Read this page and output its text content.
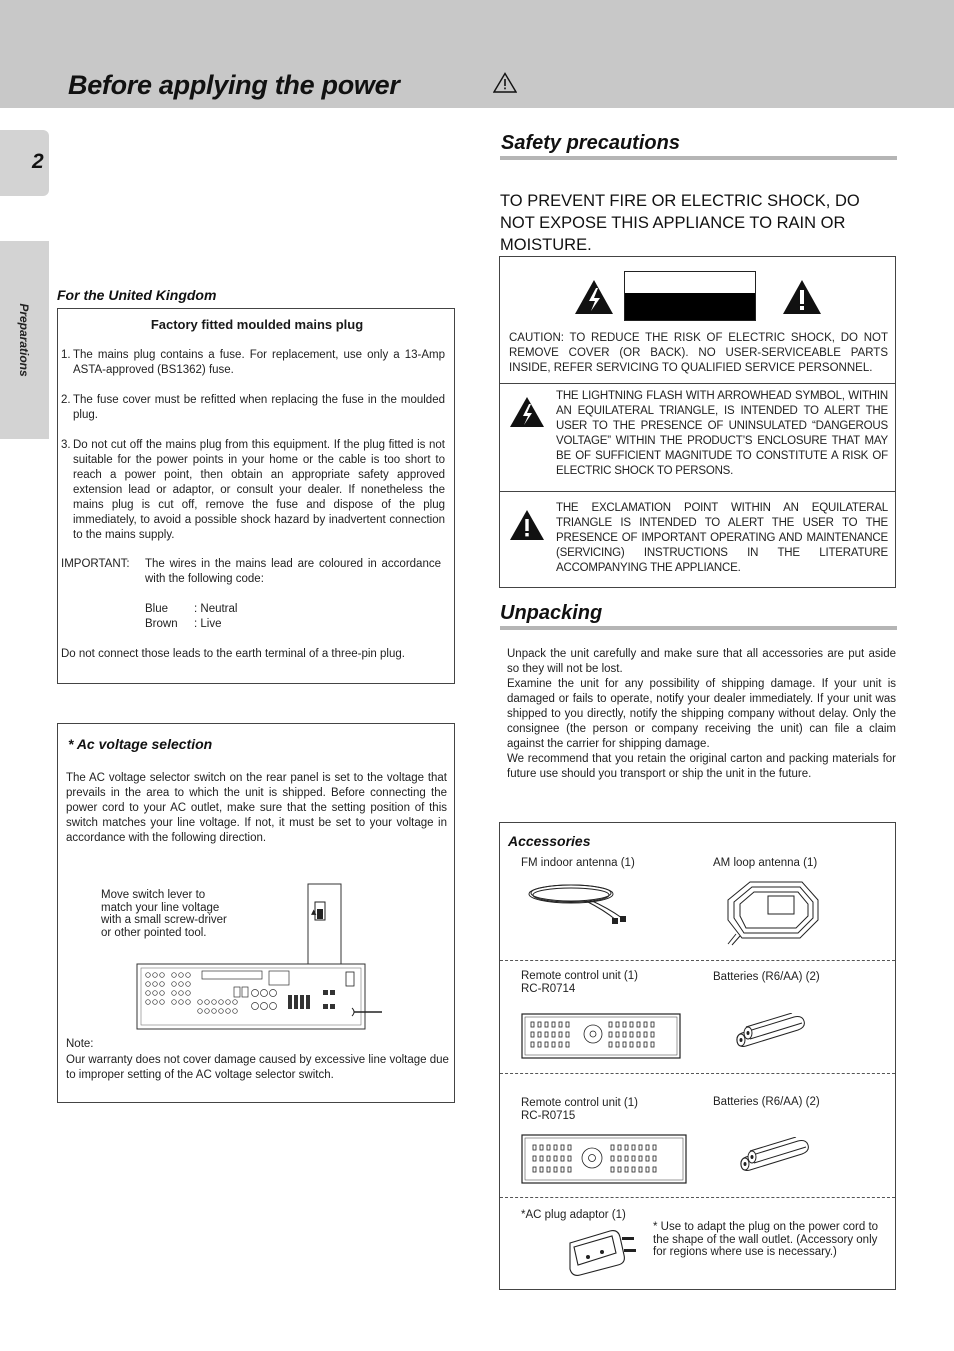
Before applying the power
2
Preparations
For the United Kingdom
Factory fitted moulded mains plug
1. The mains plug contains a fuse. For replacement, use only a 13-Amp ASTA-approved (BS1362) fuse.
2. The fuse cover must be refitted when replacing the fuse in the moulded plug.
3. Do not cut off the mains plug from this equipment. If the plug fitted is not suitable for the power points in your home or the cable is too short to reach a power point, then obtain an appropriate safety approved extension lead or adaptor, or consult your dealer. If nonetheless the mains plug is cut off, remove the fuse and dispose of the plug immediately, to avoid a possible shock hazard by inadvertent connection to the mains supply.
IMPORTANT: The wires in the mains lead are coloured in accordance with the following code:
Blue : Neutral
Brown : Live
Do not connect those leads to the earth terminal of a three-pin plug.
* Ac voltage selection
The AC voltage selector switch on the rear panel is set to the voltage that prevails in the area to which the unit is shipped. Before connecting the power cord to your AC outlet, make sure that the setting position of this switch matches your line voltage. If not, it must be set to your voltage in accordance with the following direction.
Move switch lever to match your line voltage with a small screw-driver or other pointed tool.
▲
Note:
Our warranty does not cover damage caused by excessive line voltage due to improper setting of the AC voltage selector switch.
Safety precautions
TO PREVENT FIRE OR ELECTRIC SHOCK, DO NOT EXPOSE THIS APPLIANCE TO RAIN OR MOISTURE.
CAUTION: TO REDUCE THE RISK OF ELECTRIC SHOCK, DO NOT REMOVE COVER (OR BACK). NO USER-SERVICEABLE PARTS INSIDE, REFER SERVICING TO QUALIFIED SERVICE PERSONNEL.
THE LIGHTNING FLASH WITH ARROWHEAD SYMBOL, WITHIN AN EQUILATERAL TRIANGLE, IS INTENDED TO ALERT THE USER TO THE PRESENCE OF UNINSULATED “DANGEROUS VOLTAGE” WITHIN THE PRODUCT’S ENCLOSURE THAT MAY BE OF SUFFICIENT MAGNITUDE TO CONSTITUTE A RISK OF ELECTRIC SHOCK TO PERSONS.
THE EXCLAMATION POINT WITHIN AN EQUILATERAL TRIANGLE IS INTENDED TO ALERT THE USER TO THE PRESENCE OF IMPORTANT OPERATING AND MAINTENANCE (SERVICING) INSTRUCTIONS IN THE LITERATURE ACCOMPANYING THE APPLIANCE.
Unpacking
Unpack the unit carefully and make sure that all accessories are put aside so they will not be lost.
Examine the unit for any possibility of shipping damage. If your unit is damaged or fails to operate, notify your dealer immediately. If your unit was shipped to you directly, notify the shipping company without delay. Only the consignee (the person or company receiving the unit) can file a claim against the carrier for shipping damage.
We recommend that you retain the original carton and packing materials for future use should you transport or ship the unit in the future.
Accessories
FM indoor antenna (1)	AM loop antenna (1)
Remote control unit (1)
RC-R0714
Batteries (R6/AA) (2)
Remote control unit (1)
RC-R0715
Batteries (R6/AA) (2)
*AC plug adaptor (1)
* Use to adapt the plug on the power cord to the shape of the wall outlet. (Accessory only for regions where use is necessary.)
